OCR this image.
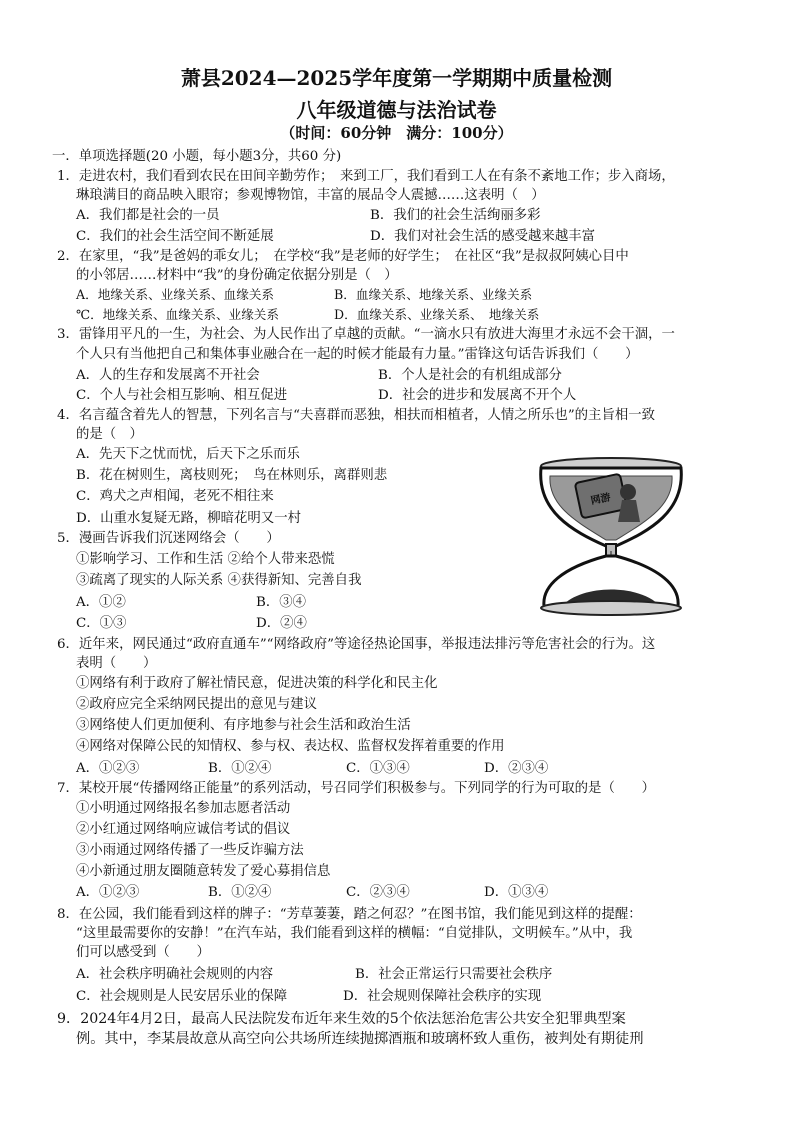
萧县2024—2025学年度第一学期期中质量检测
八年级道德与法治试卷
（时间：60分钟　满分：100分）
一．单项选择题(20 小题，每小题3分，共60 分)
1．走进农村，我们看到农民在田间辛勤劳作；　来到工厂，我们看到工人在有条不紊地工作；步入商场，
琳琅满目的商品映入眼帘；参观博物馆，丰富的展品令人震撼……这表明（　）
A．我们都是社会的一员	B．我们的社会生活绚丽多彩
C．我们的社会生活空间不断延展	D．我们对社会生活的感受越来越丰富
2．在家里，“我”是爸妈的乖女儿；　在学校“我”是老师的好学生；　在社区“我”是叔叔阿姨心目中
的小邻居……材料中“我”的身份确定依据分别是（　）
A．地缘关系、业缘关系、血缘关系	B．血缘关系、地缘关系、业缘关系
℃．地缘关系、血缘关系、业缘关系	D．血缘关系、业缘关系、　地缘关系
3．雷锋用平凡的一生，为社会、为人民作出了卓越的贡献。“一滴水只有放进大海里才永远不会干涸，一
个人只有当他把自己和集体事业融合在一起的时候才能最有力量。”雷锋这句话告诉我们（　　）
A．人的生存和发展离不开社会	B．个人是社会的有机组成部分
C．个人与社会相互影响、相互促进	D．社会的进步和发展离不开个人
4．名言蕴含着先人的智慧，下列名言与“夫喜群而恶独，相扶而相植者，人情之所乐也”的主旨相一致
的是（　）
A．先天下之忧而忧，后天下之乐而乐
B．花在树则生，离枝则死；　鸟在林则乐，离群则悲
C．鸡犬之声相闻，老死不相往来
D．山重水复疑无路，柳暗花明又一村
5．漫画告诉我们沉迷网络会（　　）
①影响学习、工作和生活 ②给个人带来恐慌
③疏离了现实的人际关系 ④获得新知、完善自我
A．①②	B．③④
C．①③	D．②④
网游
6．近年来，网民通过“政府直通车”“网络政府”等途径热论国事，举报违法排污等危害社会的行为。这
表明（　　）
①网络有利于政府了解社情民意，促进决策的科学化和民主化
②政府应完全采纳网民提出的意见与建议
③网络使人们更加便利、有序地参与社会生活和政治生活
④网络对保障公民的知情权、参与权、表达权、监督权发挥着重要的作用
A．①②③	B．①②④	C．①③④	D．②③④
7．某校开展“传播网络正能量”的系列活动，号召同学们积极参与。下列同学的行为可取的是（　　）
①小明通过网络报名参加志愿者活动
②小红通过网络响应诚信考试的倡议
③小雨通过网络传播了一些反诈骗方法
④小新通过朋友圈随意转发了爱心募捐信息
A．①②③	B．①②④	C．②③④	D．①③④
8．在公园，我们能看到这样的牌子：“芳草萋萋，踏之何忍？”在图书馆，我们能见到这样的提醒：
“这里最需要你的安静！”在汽车站，我们能看到这样的横幅：“自觉排队，文明候车。”从中，我
们可以感受到（　　）
A．社会秩序明确社会规则的内容	B．社会正常运行只需要社会秩序
C．社会规则是人民安居乐业的保障	D．社会规则保障社会秩序的实现
9．2024年4月2日，最高人民法院发布近年来生效的5个依法惩治危害公共安全犯罪典型案
例。其中，李某晨故意从高空向公共场所连续抛掷酒瓶和玻璃杯致人重伤，被判处有期徒刑
